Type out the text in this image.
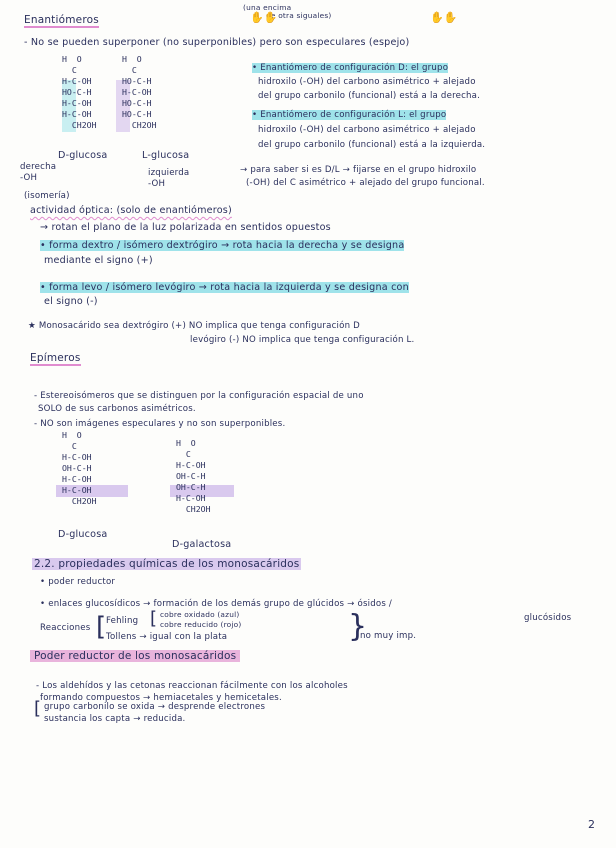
(una encima
de otra siguales)
✋✋	✋✋
Enantiómeros
- No se pueden superponer (no superponibles) pero son especulares (espejo)
H  O
C
H-C-OH
HO-C-H
H-C-OH
H-C-OH
CH2OH
H  O
C
HO-C-H
H-C-OH
HO-C-H
HO-C-H
CH2OH
D-glucosa	L-glucosa
derecha
-OH	izquierda
-OH
• Enantiómero de configuración D: el grupo
hidroxilo (-OH) del carbono asimétrico + alejado
del grupo carbonilo (funcional) está a la derecha.
• Enantiómero de configuración L: el grupo
hidroxilo (-OH) del carbono asimétrico + alejado
del grupo carbonilo (funcional) está a la izquierda.
→ para saber si es D/L → fijarse en el grupo hidroxilo
(-OH) del C asimétrico + alejado del grupo funcional.
(isomería)
actividad óptica: (solo de enantiómeros)
→ rotan el plano de la luz polarizada en sentidos opuestos
• forma dextro / isómero dextrógiro → rota hacia la derecha y se designa
mediante el signo (+)
• forma levo / isómero levógiro → rota hacia la izquierda y se designa con
el signo (-)
★ Monosacárido sea dextrógiro (+) NO implica que tenga configuración D
levógiro (-) NO implica que tenga configuración L.
Epímeros
- Estereoisómeros que se distinguen por la configuración espacial de uno
SOLO de sus carbonos asimétricos.
- NO son imágenes especulares y no son superponibles.
H  O
C
H-C-OH
OH-C-H
H-C-OH
H-C-OH
CH2OH
H  O
C
H-C-OH
OH-C-H
OH-C-H
H-C-OH
CH2OH
D-glucosa
D-galactosa
2.2. propiedades químicas de los monosacáridos
• poder reductor
• enlaces glucosídicos → formación de los demás grupo de glúcidos → ósidos /
glucósidos
Reacciones [ Fehling [ cobre oxidado (azul)
cobre reducido (rojo)
Tollens → igual con la plata	}
no muy imp.
Poder reductor de los monosacáridos
- Los aldehídos y las cetonas reaccionan fácilmente con los alcoholes
formando compuestos → hemiacetales y hemicetales.
[ grupo carbonilo se oxida → desprende electrones
sustancia los capta → reducida.
2
